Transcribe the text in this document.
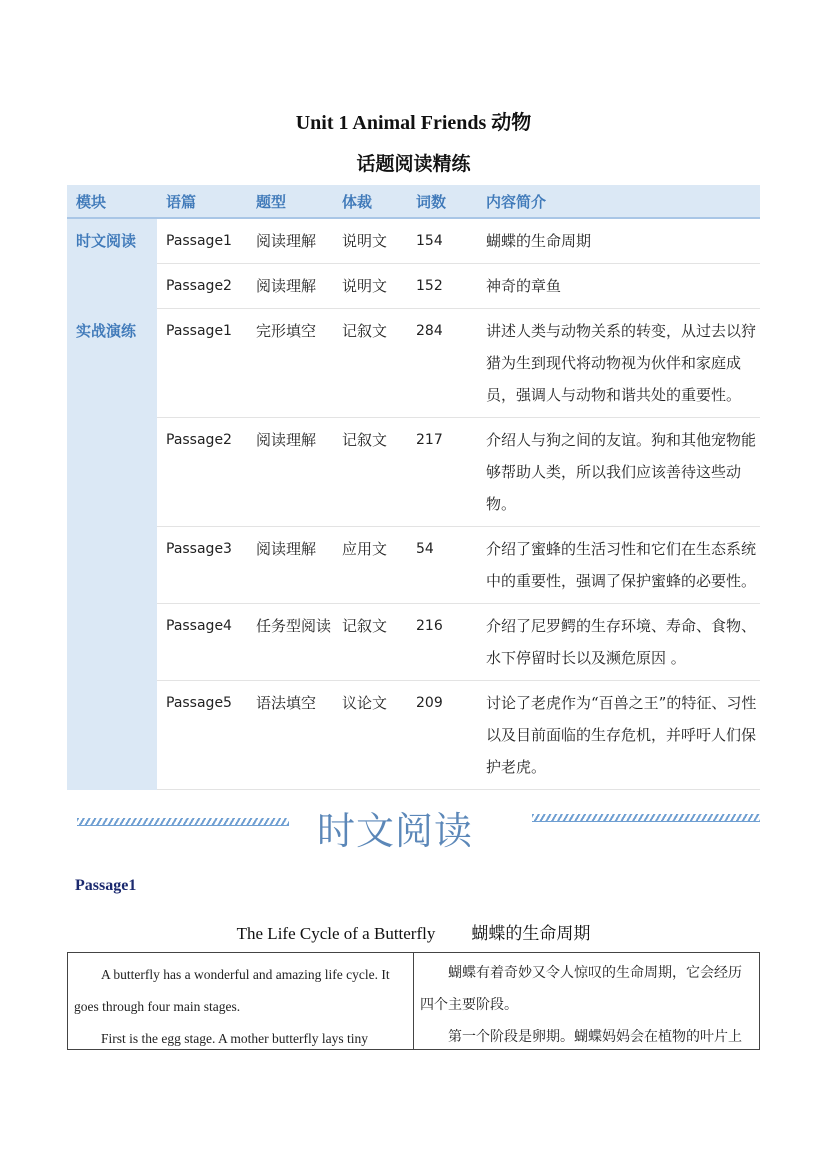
Unit 1 Animal Friends 动物
话题阅读精练
模块	语篇	题型	体裁	词数	内容简介
时文阅读	Passage1	阅读理解	说明文	154	蝴蝶的生命周期
	Passage2	阅读理解	说明文	152	神奇的章鱼
实战演练	Passage1	完形填空	记叙文	284	讲述人类与动物关系的转变，从过去以狩猎为生到现代将动物视为伙伴和家庭成员，强调人与动物和谐共处的重要性。
	Passage2	阅读理解	记叙文	217	介绍人与狗之间的友谊。狗和其他宠物能够帮助人类，所以我们应该善待这些动物。
	Passage3	阅读理解	应用文	54	介绍了蜜蜂的生活习性和它们在生态系统中的重要性，强调了保护蜜蜂的必要性。
	Passage4	任务型阅读	记叙文	216	介绍了尼罗鳄的生存环境、寿命、食物、水下停留时长以及濒危原因 。
	Passage5	语法填空	议论文	209	讨论了老虎作为“百兽之王”的特征、习性以及目前面临的生存危机，并呼吁人们保护老虎。
时文阅读
Passage1
The Life Cycle of a Butterfly 蝴蝶的生命周期

A butterfly has a wonderful and amazing life cycle. It goes through four main stages.

First is the egg stage. A mother butterfly lays tiny

蝴蝶有着奇妙又令人惊叹的生命周期，它会经历四个主要阶段。

第一个阶段是卵期。蝴蝶妈妈会在植物的叶片上
